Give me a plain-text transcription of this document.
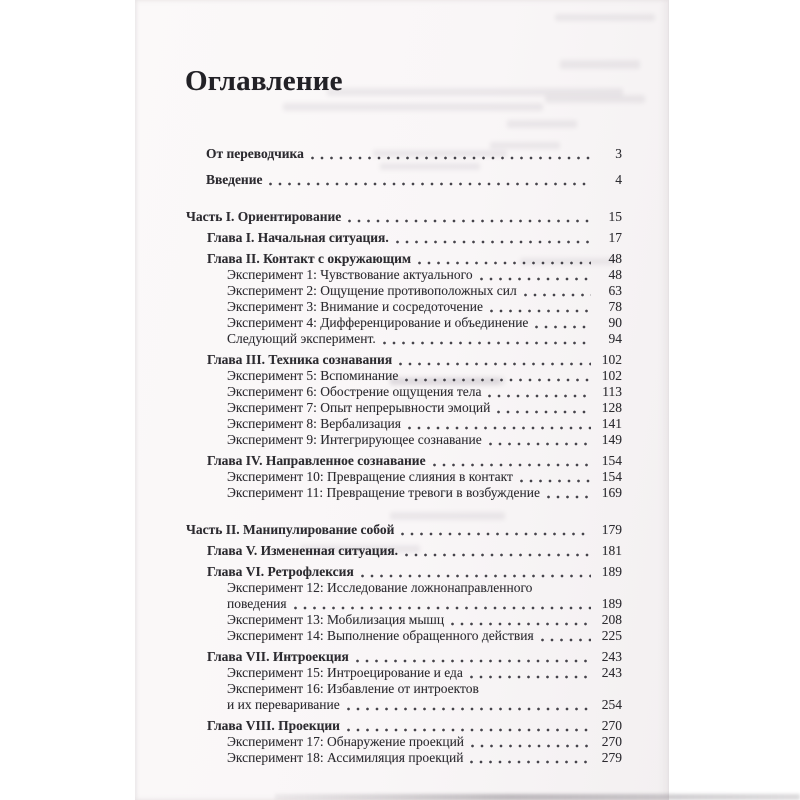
Оглавление
От переводчика	3
Введение	4
Часть I. Ориентирование	15
Глава I. Начальная ситуация.	17
Глава II. Контакт с окружающим	48
Эксперимент 1: Чувствование актуального	48
Эксперимент 2: Ощущение противоположных сил	63
Эксперимент 3: Внимание и сосредоточение	78
Эксперимент 4: Дифференцирование и объединение	90
Следующий эксперимент.	94
Глава III. Техника сознавания	102
Эксперимент 5: Вспоминание	102
Эксперимент 6: Обострение ощущения тела	113
Эксперимент 7: Опыт непрерывности эмоций	128
Эксперимент 8: Вербализация	141
Эксперимент 9: Интегрирующее сознавание	149
Глава IV. Направленное сознавание	154
Эксперимент 10: Превращение слияния в контакт	154
Эксперимент 11: Превращение тревоги в возбуждение	169
Часть II. Манипулирование собой	179
Глава V. Измененная ситуация.	181
Глава VI. Ретрофлексия	189
Эксперимент 12: Исследование ложнонаправленного
поведения	189
Эксперимент 13: Мобилизация мышц	208
Эксперимент 14: Выполнение обращенного действия	225
Глава VII. Интроекция	243
Эксперимент 15: Интроецирование и еда	243
Эксперимент 16: Избавление от интроектов
и их переваривание	254
Глава VIII. Проекции	270
Эксперимент 17: Обнаружение проекций	270
Эксперимент 18: Ассимиляция проекций	279
